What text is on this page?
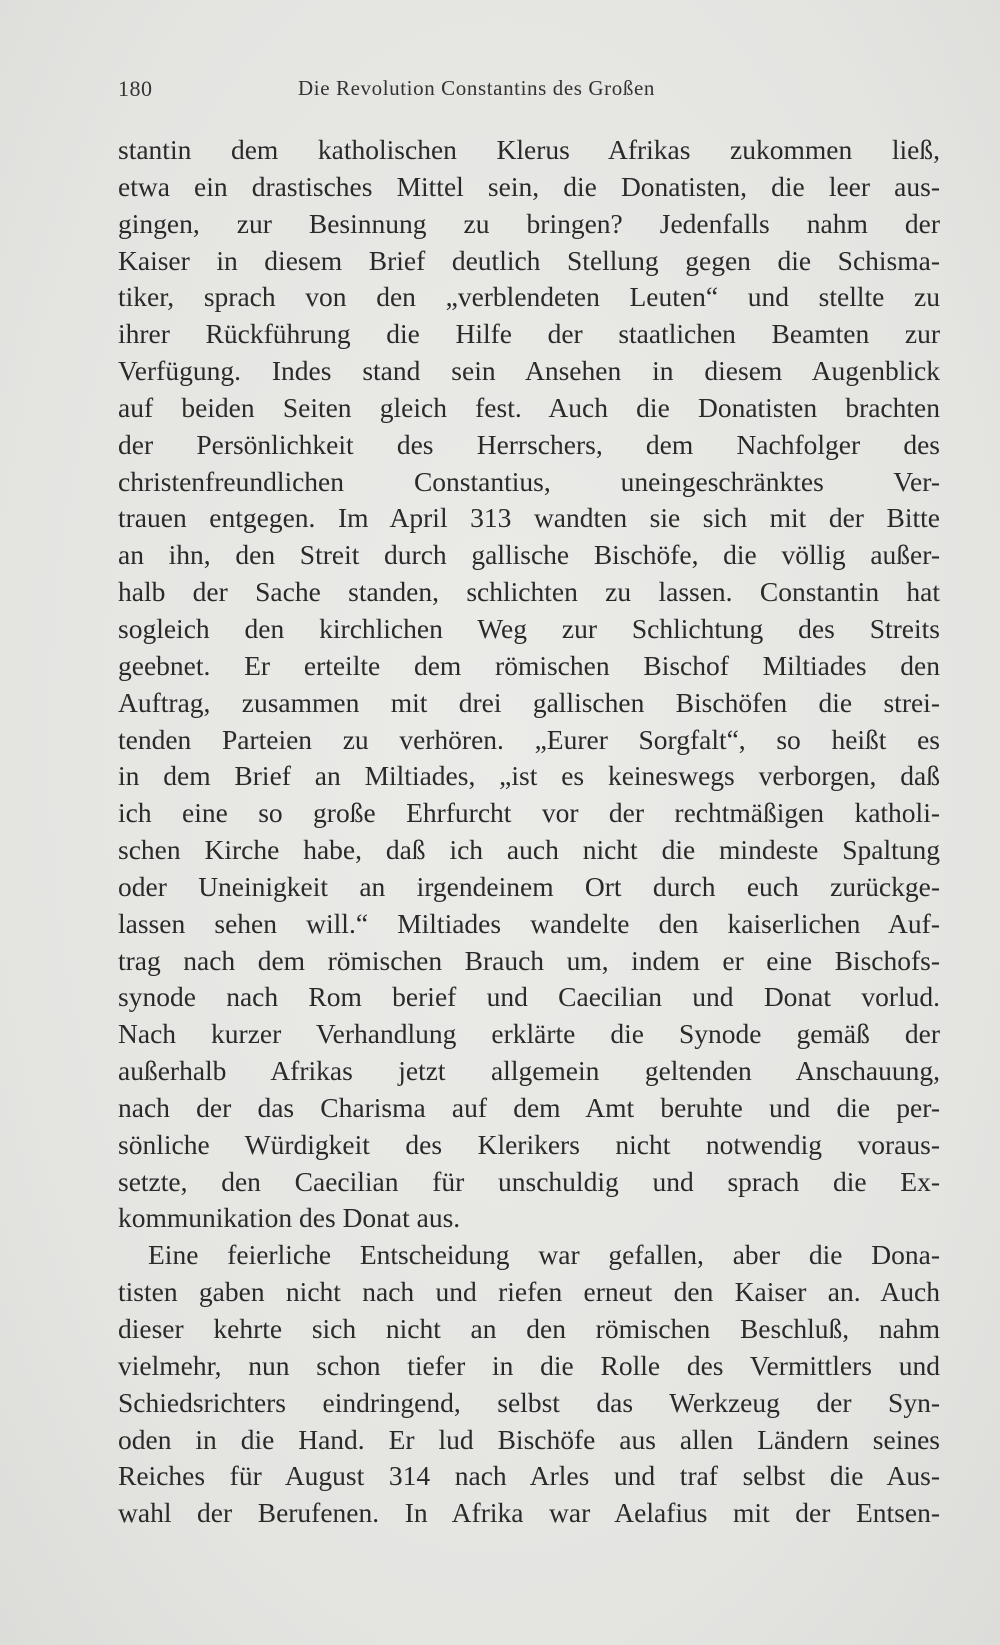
180	Die Revolution Constantins des Großen
stantin dem katholischen Klerus Afrikas zukommen ließ,
etwa ein drastisches Mittel sein, die Donatisten, die leer aus-
gingen, zur Besinnung zu bringen? Jedenfalls nahm der
Kaiser in diesem Brief deutlich Stellung gegen die Schisma-
tiker, sprach von den „verblendeten Leuten“ und stellte zu
ihrer Rückführung die Hilfe der staatlichen Beamten zur
Verfügung. Indes stand sein Ansehen in diesem Augenblick
auf beiden Seiten gleich fest. Auch die Donatisten brachten
der Persönlichkeit des Herrschers, dem Nachfolger des
christenfreundlichen Constantius, uneingeschränktes Ver-
trauen entgegen. Im April 313 wandten sie sich mit der Bitte
an ihn, den Streit durch gallische Bischöfe, die völlig außer-
halb der Sache standen, schlichten zu lassen. Constantin hat
sogleich den kirchlichen Weg zur Schlichtung des Streits
geebnet. Er erteilte dem römischen Bischof Miltiades den
Auftrag, zusammen mit drei gallischen Bischöfen die strei-
tenden Parteien zu verhören. „Eurer Sorgfalt“, so heißt es
in dem Brief an Miltiades, „ist es keineswegs verborgen, daß
ich eine so große Ehrfurcht vor der rechtmäßigen katholi-
schen Kirche habe, daß ich auch nicht die mindeste Spaltung
oder Uneinigkeit an irgendeinem Ort durch euch zurückge-
lassen sehen will.“ Miltiades wandelte den kaiserlichen Auf-
trag nach dem römischen Brauch um, indem er eine Bischofs-
synode nach Rom berief und Caecilian und Donat vorlud.
Nach kurzer Verhandlung erklärte die Synode gemäß der
außerhalb Afrikas jetzt allgemein geltenden Anschauung,
nach der das Charisma auf dem Amt beruhte und die per-
sönliche Würdigkeit des Klerikers nicht notwendig voraus-
setzte, den Caecilian für unschuldig und sprach die Ex-
kommunikation des Donat aus.
Eine feierliche Entscheidung war gefallen, aber die Dona-
tisten gaben nicht nach und riefen erneut den Kaiser an. Auch
dieser kehrte sich nicht an den römischen Beschluß, nahm
vielmehr, nun schon tiefer in die Rolle des Vermittlers und
Schiedsrichters eindringend, selbst das Werkzeug der Syn-
oden in die Hand. Er lud Bischöfe aus allen Ländern seines
Reiches für August 314 nach Arles und traf selbst die Aus-
wahl der Berufenen. In Afrika war Aelafius mit der Entsen-
